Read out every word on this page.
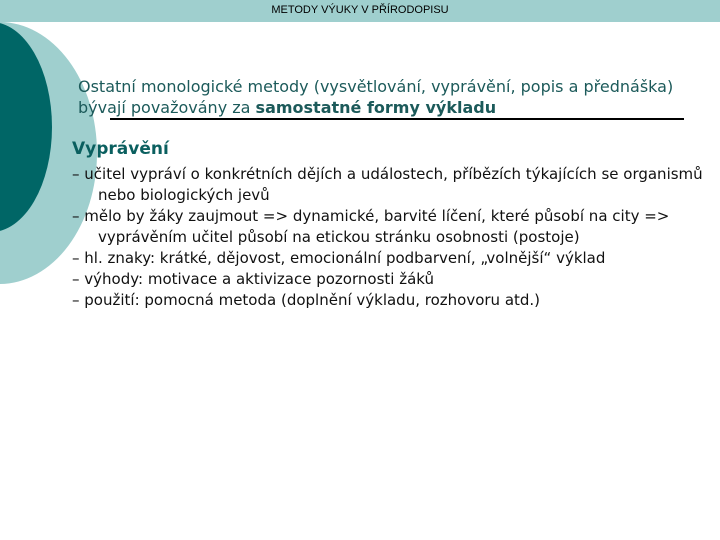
METODY VÝUKY V PŘÍRODOPISU
Ostatní monologické metody (vysvětlování, vyprávění, popis a přednáška) bývají považovány za samostatné formy výkladu
Vyprávění
– učitel vypráví o konkrétních dějích a událostech, příbězích týkajících se organismů nebo biologických jevů
– mělo by žáky zaujmout => dynamické, barvité líčení, které působí na city => vyprávěním učitel působí na etickou stránku osobnosti (postoje)
– hl. znaky: krátké, dějovost, emocionální podbarvení, „volnější“ výklad
– výhody: motivace a aktivizace pozornosti žáků
– použití: pomocná metoda (doplnění výkladu, rozhovoru atd.)
